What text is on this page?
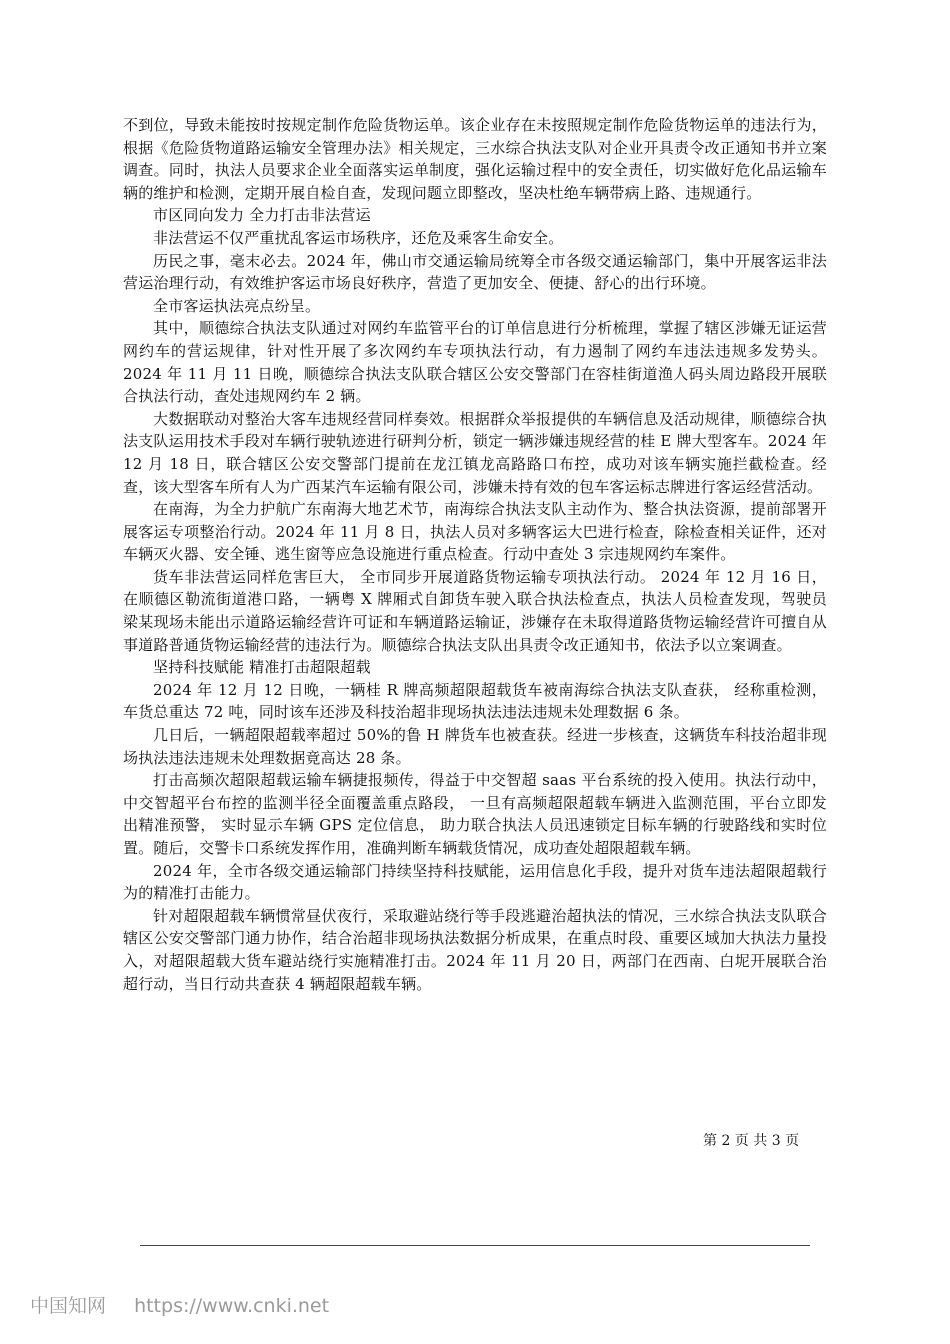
不到位，导致未能按时按规定制作危险货物运单。该企业存在未按照规定制作危险货物运单的违法行为，根据《危险货物道路运输安全管理办法》相关规定，三水综合执法支队对企业开具责令改正通知书并立案调查。同时，执法人员要求企业全面落实运单制度，强化运输过程中的安全责任，切实做好危化品运输车辆的维护和检测，定期开展自检自查，发现问题立即整改，坚决杜绝车辆带病上路、违规通行。

市区同向发力 全力打击非法营运

非法营运不仅严重扰乱客运市场秩序，还危及乘客生命安全。

历民之事，毫末必去。2024 年，佛山市交通运输局统筹全市各级交通运输部门，集中开展客运非法营运治理行动，有效维护客运市场良好秩序，营造了更加安全、便捷、舒心的出行环境。

全市客运执法亮点纷呈。

其中，顺德综合执法支队通过对网约车监管平台的订单信息进行分析梳理，掌握了辖区涉嫌无证运营网约车的营运规律，针对性开展了多次网约车专项执法行动，有力遏制了网约车违法违规多发势头。2024 年 11 月 11 日晚，顺德综合执法支队联合辖区公安交警部门在容桂街道渔人码头周边路段开展联合执法行动，查处违规网约车 2 辆。

大数据联动对整治大客车违规经营同样奏效。根据群众举报提供的车辆信息及活动规律，顺德综合执法支队运用技术手段对车辆行驶轨迹进行研判分析，锁定一辆涉嫌违规经营的桂 E 牌大型客车。2024 年 12 月 18 日，联合辖区公安交警部门提前在龙江镇龙高路路口布控，成功对该车辆实施拦截检查。经查，该大型客车所有人为广西某汽车运输有限公司，涉嫌未持有效的包车客运标志牌进行客运经营活动。

在南海，为全力护航广东南海大地艺术节，南海综合执法支队主动作为、整合执法资源，提前部署开展客运专项整治行动。2024 年 11 月 8 日，执法人员对多辆客运大巴进行检查，除检查相关证件，还对车辆灭火器、安全锤、逃生窗等应急设施进行重点检查。行动中查处 3 宗违规网约车案件。

货车非法营运同样危害巨大， 全市同步开展道路货物运输专项执法行动。 2024 年 12 月 16 日，在顺德区勒流街道港口路，一辆粤 X 牌厢式自卸货车驶入联合执法检查点，执法人员检查发现，驾驶员梁某现场未能出示道路运输经营许可证和车辆道路运输证，涉嫌存在未取得道路货物运输经营许可擅自从事道路普通货物运输经营的违法行为。顺德综合执法支队出具责令改正通知书，依法予以立案调查。

坚持科技赋能 精准打击超限超载

2024 年 12 月 12 日晚，一辆桂 R 牌高频超限超载货车被南海综合执法支队查获， 经称重检测，车货总重达 72 吨，同时该车还涉及科技治超非现场执法违法违规未处理数据 6 条。

几日后，一辆超限超载率超过 50%的鲁 H 牌货车也被查获。经进一步核查，这辆货车科技治超非现场执法违法违规未处理数据竟高达 28 条。

打击高频次超限超载运输车辆捷报频传，得益于中交智超 saas 平台系统的投入使用。执法行动中， 中交智超平台布控的监测半径全面覆盖重点路段， 一旦有高频超限超载车辆进入监测范围，平台立即发出精准预警， 实时显示车辆 GPS 定位信息， 助力联合执法人员迅速锁定目标车辆的行驶路线和实时位置。随后，交警卡口系统发挥作用，准确判断车辆载货情况，成功查处超限超载车辆。

2024 年，全市各级交通运输部门持续坚持科技赋能，运用信息化手段，提升对货车违法超限超载行为的精准打击能力。

针对超限超载车辆惯常昼伏夜行，采取避站绕行等手段逃避治超执法的情况，三水综合执法支队联合辖区公安交警部门通力协作，结合治超非现场执法数据分析成果，在重点时段、重要区域加大执法力量投入，对超限超载大货车避站绕行实施精准打击。2024 年 11 月 20 日，两部门在西南、白坭开展联合治超行动，当日行动共查获 4 辆超限超载车辆。

第 2 页 共 3 页
中国知网 https://www.cnki.net
